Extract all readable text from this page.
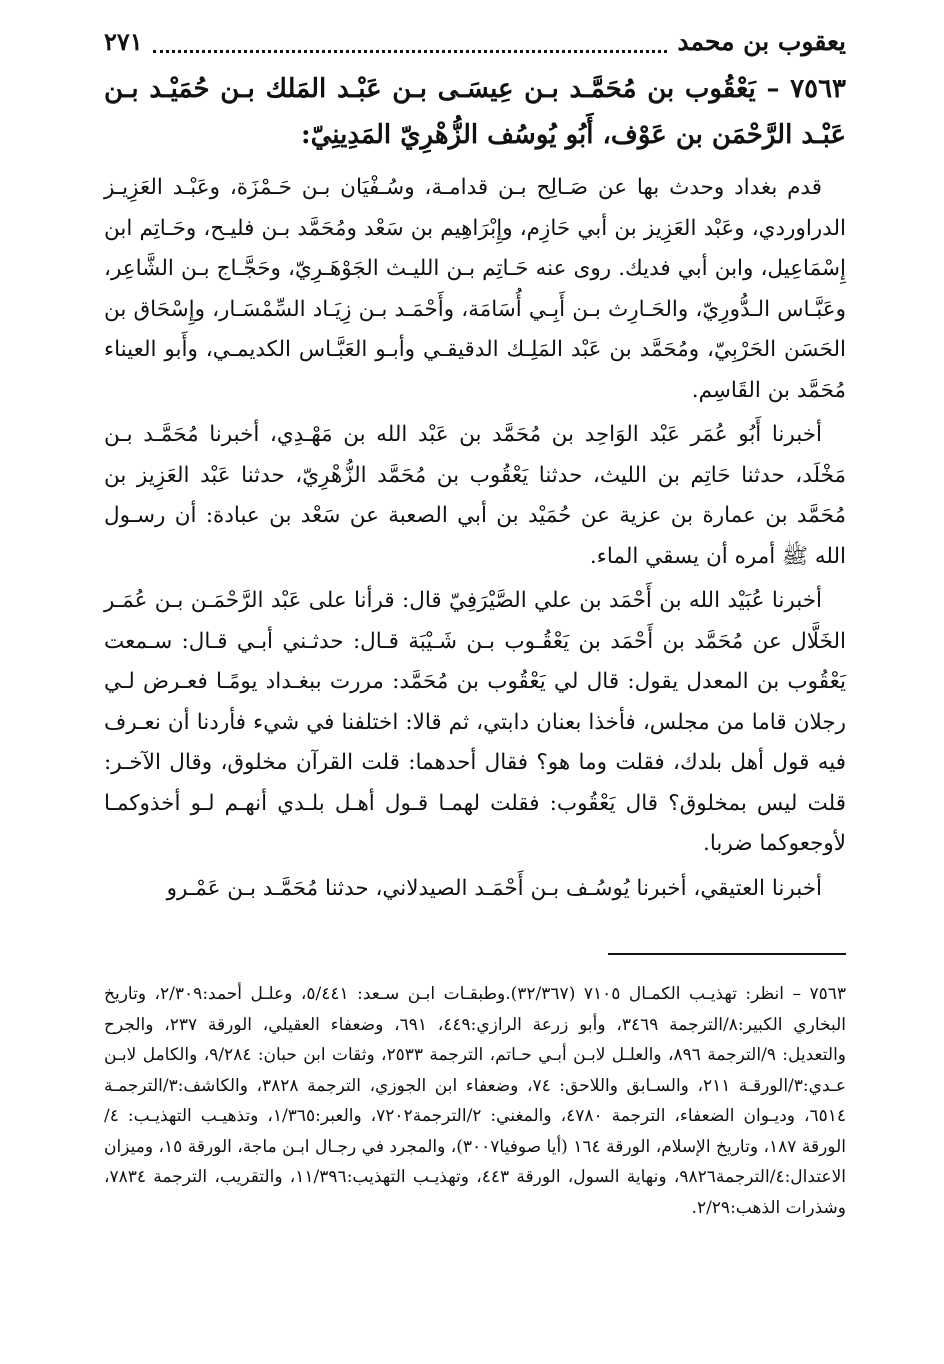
يعقوب بن محمد
٢٧١
٧٥٦٣ – يَعْقُوب بن مُحَمَّـد بـن عِيسَـى بـن عَبْـد المَلك بـن حُمَيْـد بـن عَبْـد الرَّحْمَن بن عَوْف، أَبُو يُوسُف الزُّهْرِيّ المَدِينِيّ:

قدم بغداد وحدث بها عن صَـالِح بـن قدامـة، وسُـفْيَان بـن حَـمْزَة، وعَبْـد العَزِيـز الدراوردي، وعَبْد العَزِيز بن أبي حَازِم، وإِبْرَاهِيم بن سَعْد ومُحَمَّد بـن فليـح، وحَـاتِم ابن إِسْمَاعِيل، وابن أبي فديك. روى عنه حَـاتِم بـن الليـث الجَوْهَـرِيّ، وحَجَّـاج بـن الشَّاعِر، وعَبَّـاس الـدُّورِيّ، والحَـارِث بـن أَبِـي أُسَامَة، وأَحْمَـد بـن زِيَـاد السِّمْسَـار، وإِسْحَاق بن الحَسَن الحَرْبِيّ، ومُحَمَّد بن عَبْد المَلِـك الدقيقـي وأبـو العَبَّـاس الكديمـي، وأَبو العيناء مُحَمَّد بن القَاسِم.

أخبرنا أَبُو عُمَر عَبْد الوَاحِد بن مُحَمَّد بن عَبْد الله بن مَهْـدِي، أخبرنا مُحَمَّـد بـن مَخْلَد، حدثنا حَاتِم بن الليث، حدثنا يَعْقُوب بن مُحَمَّد الزُّهْرِيّ، حدثنا عَبْد العَزِيز بن مُحَمَّد بن عمارة بن عزية عن حُمَيْد بن أبي الصعبة عن سَعْد بن عبادة: أن رسـول الله ﷺ أمره أن يسقي الماء.

أخبرنا عُبَيْد الله بن أَحْمَد بن علي الصَّيْرَفِيّ قال: قرأنا على عَبْد الرَّحْمَـن بـن عُمَـر الخَلَّال عن مُحَمَّد بن أَحْمَد بن يَعْقُـوب بـن شَـيْبَة قـال: حدثـني أبـي قـال: سـمعت يَعْقُوب بن المعدل يقول: قال لي يَعْقُوب بن مُحَمَّد: مررت ببغـداد يومًـا فعـرض لـي رجلان قاما من مجلس، فأخذا بعنان دابتي، ثم قالا: اختلفنا في شيء فأردنا أن نعـرف فيه قول أهل بلدك، فقلت وما هو؟ فقال أحدهما: قلت القرآن مخلوق، وقال الآخـر: قلت ليس بمخلوق؟ قال يَعْقُوب: فقلت لهمـا قـول أهـل بلـدي أنهـم لـو أخذوكمـا لأوجعوكما ضربا.

أخبرنا العتيقي، أخبرنا يُوسُـف بـن أَحْمَـد الصيدلاني، حدثنا مُحَمَّـد بـن عَمْـرو

٧٥٦٣ – انظر: تهذيـب الكمـال ٧١٠٥ (٣٢/٣٦٧).وطبقـات ابـن سـعد: ٥/٤٤١، وعلـل أحمد:٢/٣٠٩، وتاريخ البخاري الكبير:٨/الترجمة ٣٤٦٩، وأبو زرعة الرازي:٤٤٩، ٦٩١، وضعفاء العقيلي، الورقة ٢٣٧، والجرح والتعديل: ٩/الترجمة ٨٩٦، والعلـل لابـن أبـي حـاتم، الترجمة ٢٥٣٣، وثقات ابن حبان: ٩/٢٨٤، والكامل لابـن عـدي:٣/الورقـة ٢١١، والسـابق واللاحق: ٧٤، وضعفاء ابن الجوزي، الترجمة ٣٨٢٨، والكاشف:٣/الترجمـة ٦٥١٤، وديـوان الضعفاء، الترجمة ٤٧٨٠، والمغني: ٢/الترجمة٧٢٠٢، والعبر:١/٣٦٥، وتذهيـب التهذيـب: ٤/الورقة ١٨٧، وتاريخ الإسلام، الورقة ١٦٤ (أيا صوفيا٣٠٠٧)، والمجرد في رجـال ابـن ماجة، الورقة ١٥، وميزان الاعتدال:٤/الترجمة٩٨٢٦، ونهاية السول، الورقة ٤٤٣، وتهذيـب التهذيب:١١/٣٩٦، والتقريب، الترجمة ٧٨٣٤، وشذرات الذهب:٢/٢٩.
